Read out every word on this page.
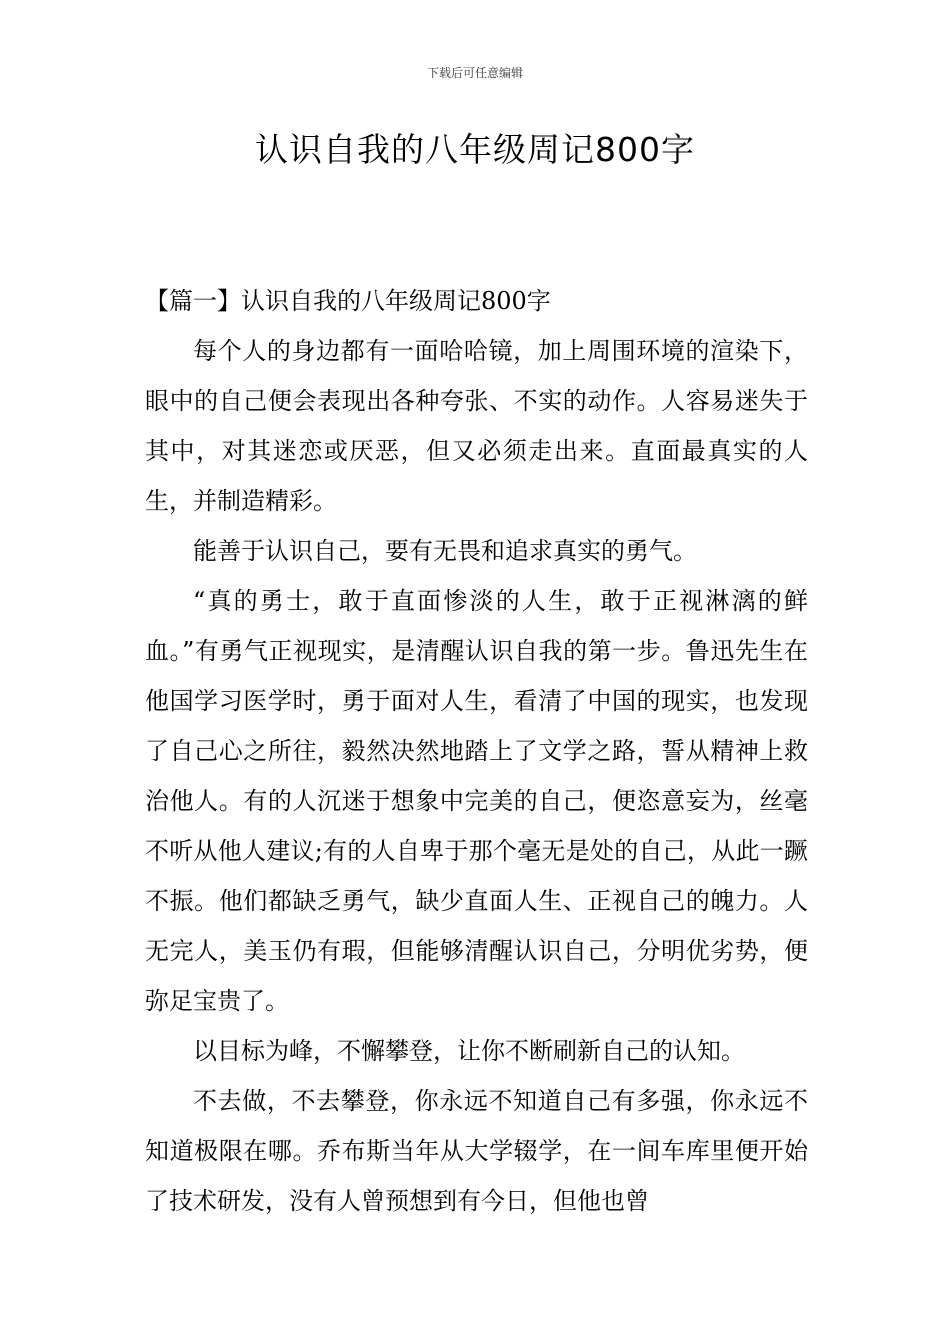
下载后可任意编辑
认识自我的八年级周记800字

【篇一】认识自我的八年级周记800字

每个人的身边都有一面哈哈镜，加上周围环境的渲染下，眼中的自己便会表现出各种夸张、不实的动作。人容易迷失于其中，对其迷恋或厌恶，但又必须走出来。直面最真实的人生，并制造精彩。

能善于认识自己，要有无畏和追求真实的勇气。

“真的勇士，敢于直面惨淡的人生，敢于正视淋漓的鲜血。”有勇气正视现实，是清醒认识自我的第一步。鲁迅先生在他国学习医学时，勇于面对人生，看清了中国的现实，也发现了自己心之所往，毅然决然地踏上了文学之路，誓从精神上救治他人。有的人沉迷于想象中完美的自己，便恣意妄为，丝毫不听从他人建议;有的人自卑于那个毫无是处的自己，从此一蹶不振。他们都缺乏勇气，缺少直面人生、正视自己的魄力。人无完人，美玉仍有瑕，但能够清醒认识自己，分明优劣势，便弥足宝贵了。

以目标为峰，不懈攀登，让你不断刷新自己的认知。

不去做，不去攀登，你永远不知道自己有多强，你永远不知道极限在哪。乔布斯当年从大学辍学，在一间车库里便开始了技术研发，没有人曾预想到有今日，但他也曾
